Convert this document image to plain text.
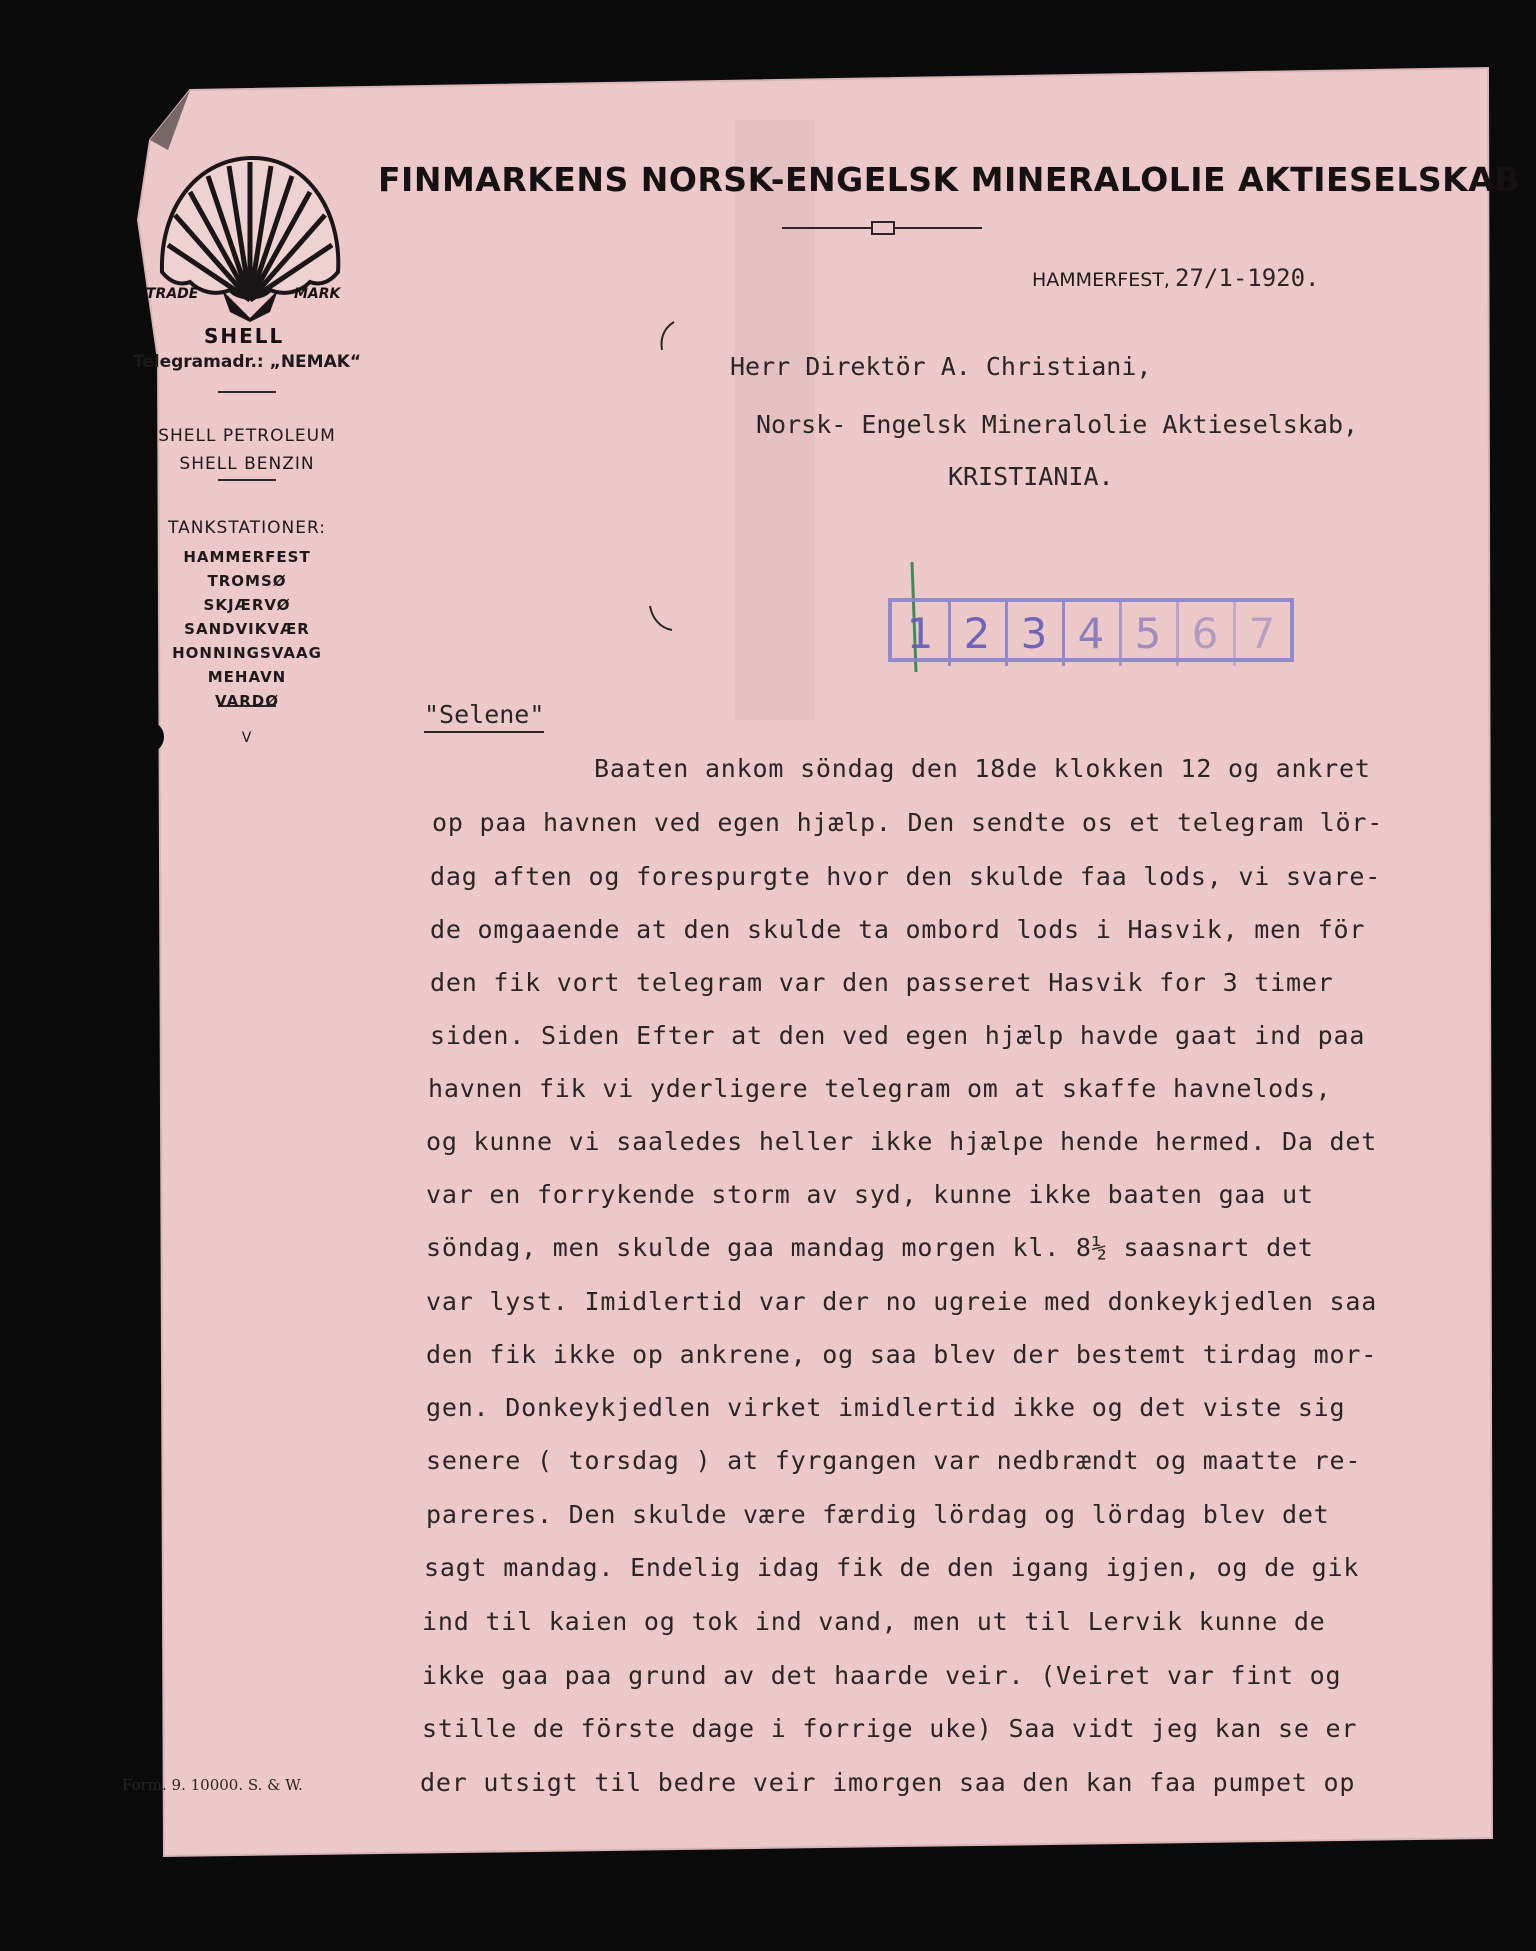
TRADE	MARK
SHELL
Telegramadr.: „NEMAK“
SHELL PETROLEUM
SHELL BENZIN
TANKSTATIONER:
HAMMERFEST
TROMSØ
SKJÆRVØ
SANDVIKVÆR
HONNINGSVAAG
MEHAVN
VARDØ
V
Form. 9. 10000. S. & W.
FINMARKENS NORSK-ENGELSK MINERALOLIE AKTIESELSKAB
HAMMERFEST, 27/1-1920.
Herr Direktör A. Christiani,
Norsk- Engelsk Mineralolie Aktieselskab,
KRISTIANIA.
1 2 3 4 5 6 7
"Selene"
Baaten ankom söndag den 18de klokken 12 og ankret
op paa havnen ved egen hjælp. Den sendte os et telegram lör-
dag aften og forespurgte hvor den skulde faa lods, vi svare-
de omgaaende at den skulde ta ombord lods i Hasvik, men för
den fik vort telegram var den passeret Hasvik for 3 timer
siden. Siden Efter at den ved egen hjælp havde gaat ind paa
havnen fik vi yderligere telegram om at skaffe havnelods,
og kunne vi saaledes heller ikke hjælpe hende hermed. Da det
var en forrykende storm av syd, kunne ikke baaten gaa ut
söndag, men skulde gaa mandag morgen kl. 8½ saasnart det
var lyst. Imidlertid var der no ugreie med donkeykjedlen saa
den fik ikke op ankrene, og saa blev der bestemt tirdag mor-
gen. Donkeykjedlen virket imidlertid ikke og det viste sig
senere ( torsdag ) at fyrgangen var nedbrændt og maatte re-
pareres. Den skulde være færdig lördag og lördag blev det
sagt mandag. Endelig idag fik de den igang igjen, og de gik
ind til kaien og tok ind vand, men ut til Lervik kunne de
ikke gaa paa grund av det haarde veir. (Veiret var fint og
stille de förste dage i forrige uke) Saa vidt jeg kan se er
der utsigt til bedre veir imorgen saa den kan faa pumpet op
